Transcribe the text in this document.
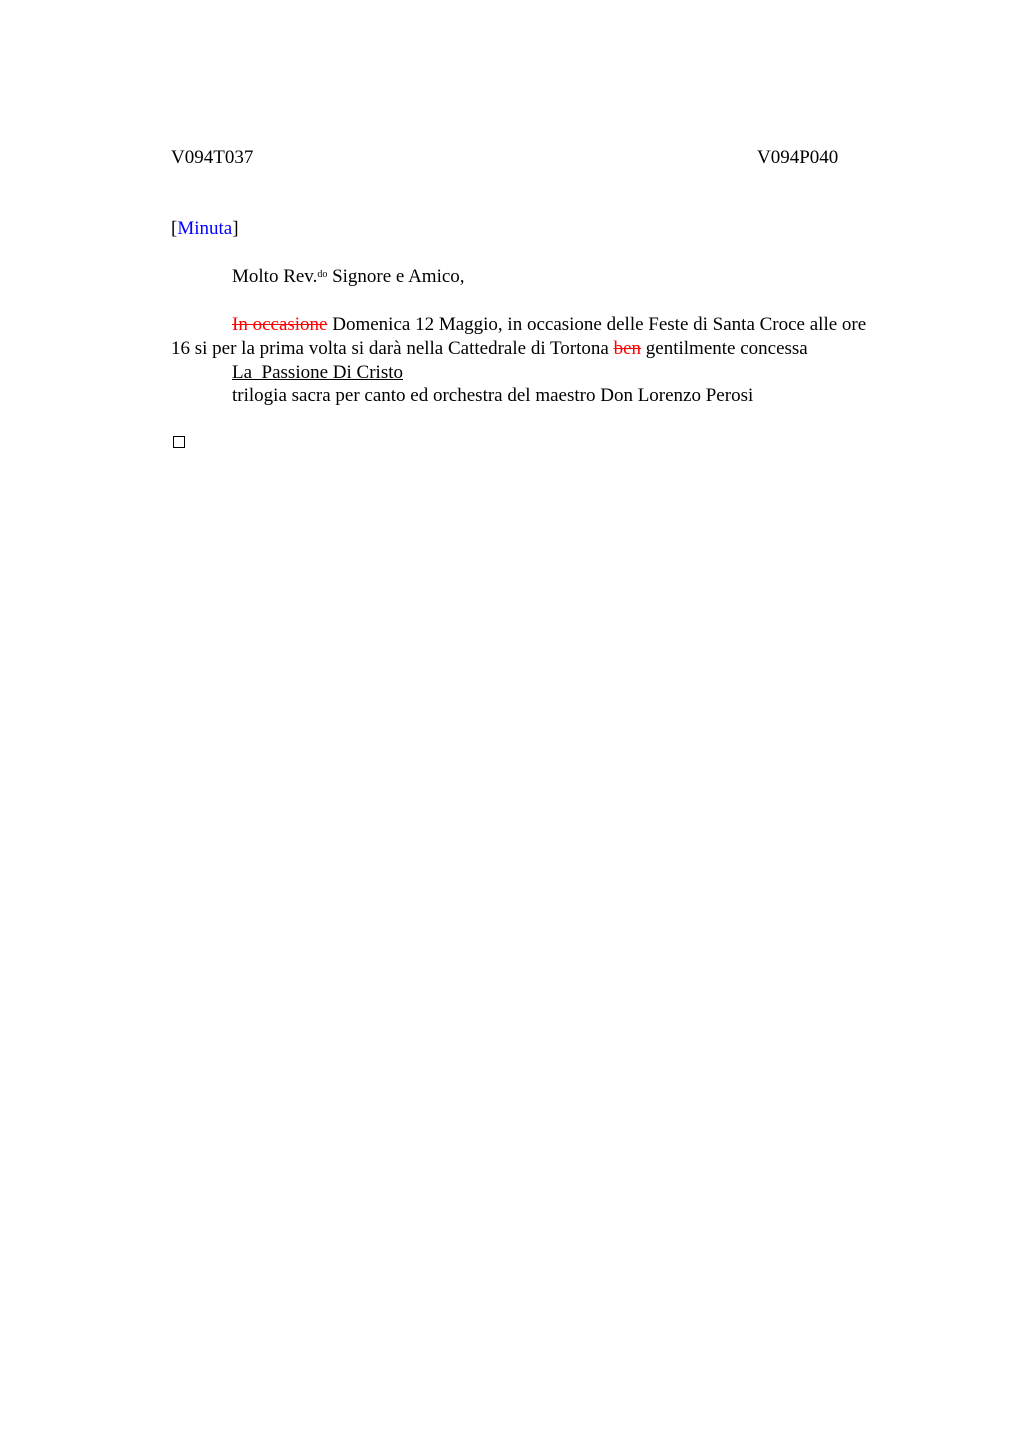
V094T037	V094P040
[Minuta]
Molto Rev.$^{do}$ Signore e Amico,
In occasione Domenica 12 Maggio, in occasione delle Feste di Santa Croce alle ore
16 si per la prima volta si darà nella Cattedrale di Tortona ben gentilmente concessa
La  Passione Di Cristo
trilogia sacra per canto ed orchestra del maestro Don Lorenzo Perosi
